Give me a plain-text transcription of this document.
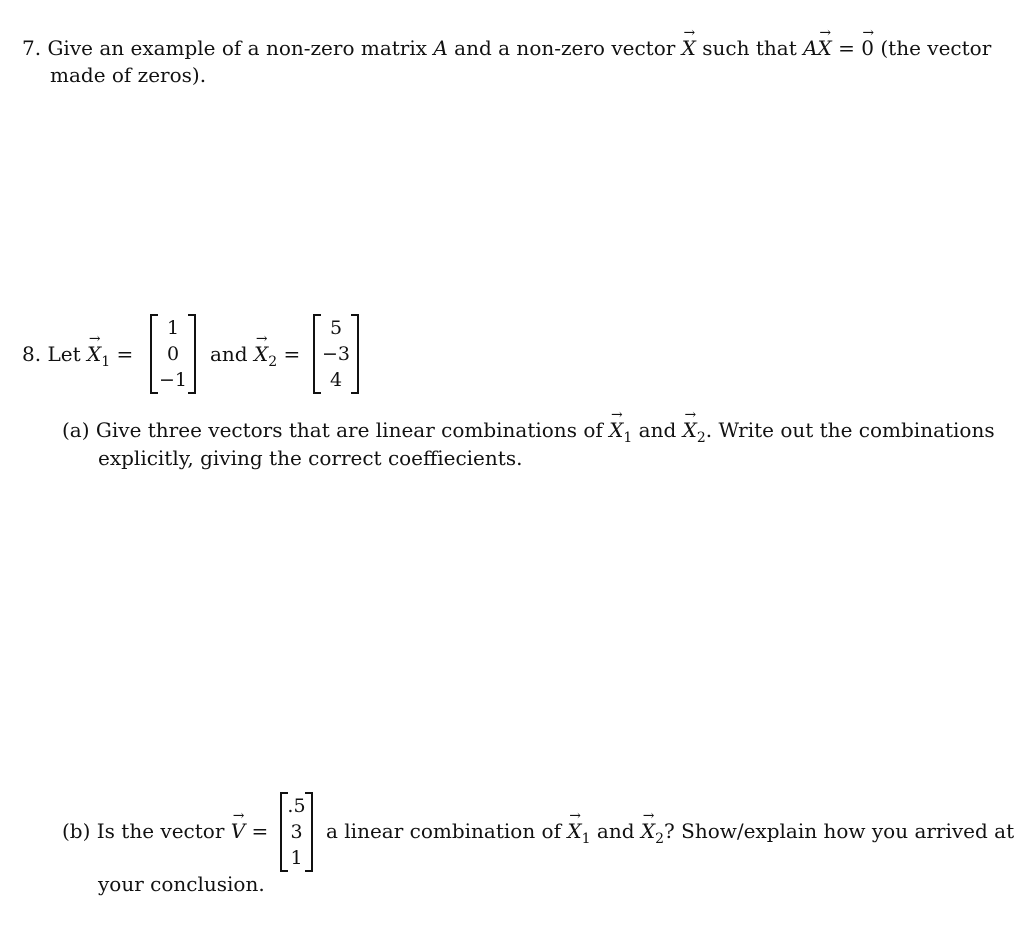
7. Give an example of a non-zero matrix A and a non-zero vector → X such that A→ X = → 0 (the vector
made of zeros).
8. Let → $X_1$ =
1
0
−1
and → $X_2$ =
5
−3
4
(a) Give three vectors that are linear combinations of → $X_1$ and → $X_2$. Write out the combinations
explicitly, giving the correct coeffiecients.
(b) Is the vector → V =
.5
3
1
a linear combination of → $X_1$ and → $X_2$? Show/explain how you arrived at
your conclusion.
